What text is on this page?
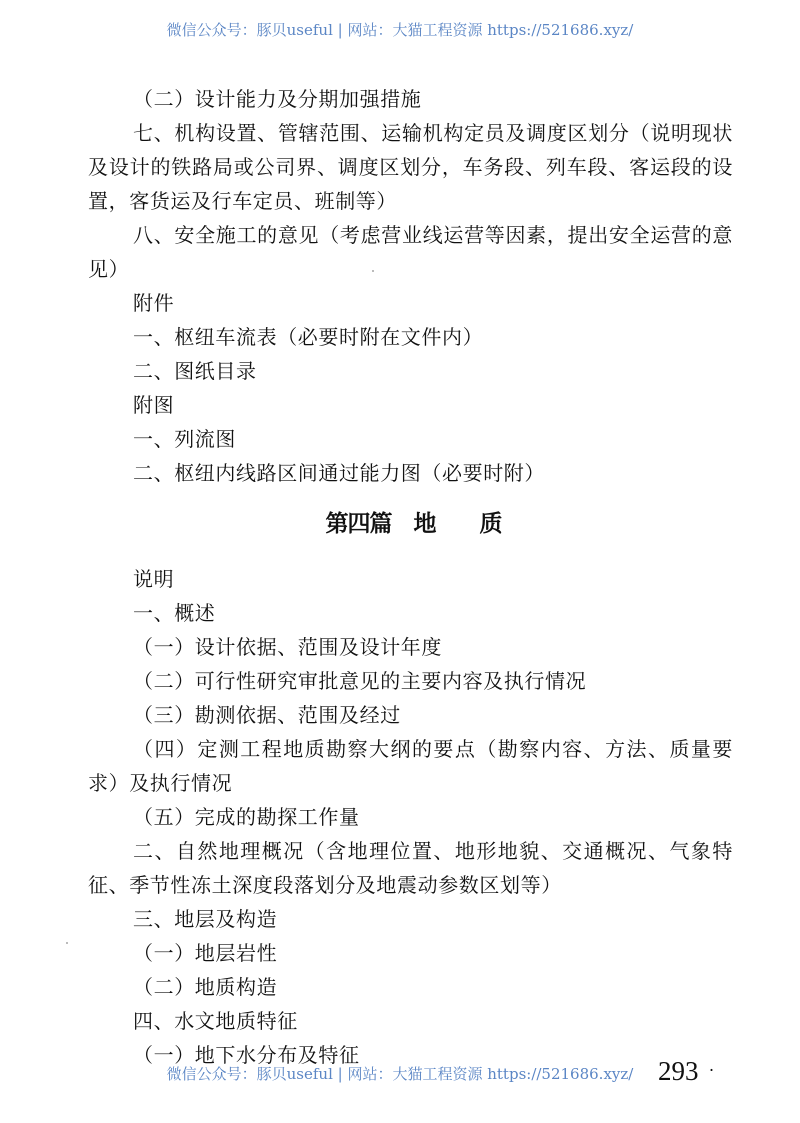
微信公众号：豚贝useful | 网站：大猫工程资源 https://521686.xyz/

（二）设计能力及分期加强措施

七、机构设置、管辖范围、运输机构定员及调度区划分（说明现状及设计的铁路局或公司界、调度区划分，车务段、列车段、客运段的设置，客货运及行车定员、班制等）

八、安全施工的意见（考虑营业线运营等因素，提出安全运营的意见）

附件

一、枢纽车流表（必要时附在文件内）

二、图纸目录

附图

一、列流图

二、枢纽内线路区间通过能力图（必要时附）

第四篇　地　　质

说明

一、概述

（一）设计依据、范围及设计年度

（二）可行性研究审批意见的主要内容及执行情况

（三）勘测依据、范围及经过

（四）定测工程地质勘察大纲的要点（勘察内容、方法、质量要求）及执行情况

（五）完成的勘探工作量

二、自然地理概况（含地理位置、地形地貌、交通概况、气象特征、季节性冻土深度段落划分及地震动参数区划等）

三、地层及构造

（一）地层岩性

（二）地质构造

四、水文地质特征

（一）地下水分布及特征

微信公众号：豚贝useful | 网站：大猫工程资源 https://521686.xyz/ 293 ·
